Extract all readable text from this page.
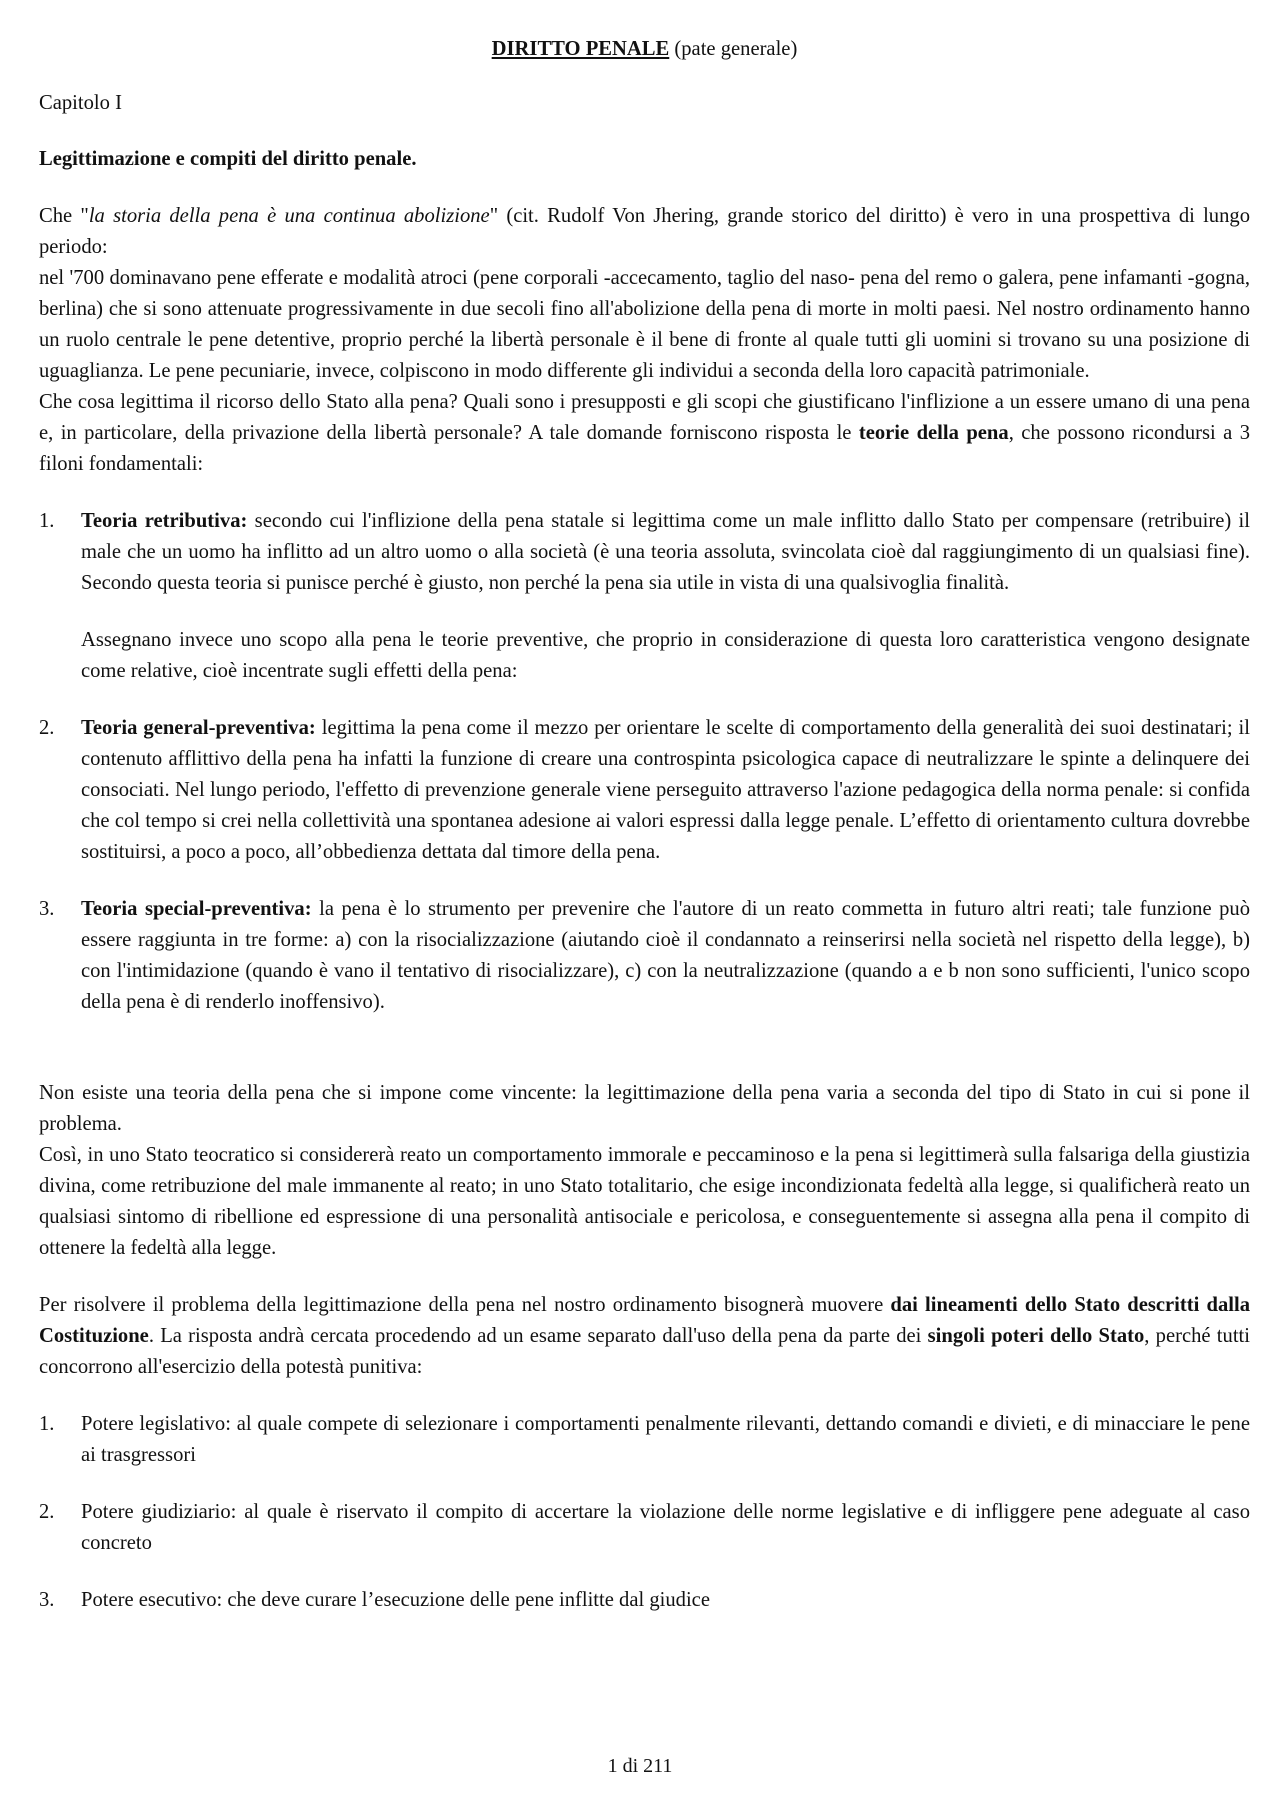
DIRITTO PENALE (pate generale)
Capitolo I
Legittimazione e compiti del diritto penale.

Che "la storia della pena è una continua abolizione" (cit. Rudolf Von Jhering, grande storico del diritto) è vero in una prospettiva di lungo periodo:

nel '700 dominavano pene efferate e modalità atroci (pene corporali -accecamento, taglio del naso- pena del remo o galera, pene infamanti -gogna, berlina) che si sono attenuate progressivamente in due secoli fino all'abolizione della pena di morte in molti paesi. Nel nostro ordinamento hanno un ruolo centrale le pene detentive, proprio perché la libertà personale è il bene di fronte al quale tutti gli uomini si trovano su una posizione di uguaglianza. Le pene pecuniarie, invece, colpiscono in modo differente gli individui a seconda della loro capacità patrimoniale.

Che cosa legittima il ricorso dello Stato alla pena? Quali sono i presupposti e gli scopi che giustificano l'inflizione a un essere umano di una pena e, in particolare, della privazione della libertà personale? A tale domande forniscono risposta le teorie della pena, che possono ricondursi a 3 filoni fondamentali:

1. Teoria retributiva: secondo cui l'inflizione della pena statale si legittima come un male inflitto dallo Stato per compensare (retribuire) il male che un uomo ha inflitto ad un altro uomo o alla società (è una teoria assoluta, svincolata cioè dal raggiungimento di un qualsiasi fine). Secondo questa teoria si punisce perché è giusto, non perché la pena sia utile in vista di una qualsivoglia finalità.
Assegnano invece uno scopo alla pena le teorie preventive, che proprio in considerazione di questa loro caratteristica vengono designate come relative, cioè incentrate sugli effetti della pena:
2. Teoria general-preventiva: legittima la pena come il mezzo per orientare le scelte di comportamento della generalità dei suoi destinatari; il contenuto afflittivo della pena ha infatti la funzione di creare una controspinta psicologica capace di neutralizzare le spinte a delinquere dei consociati. Nel lungo periodo, l'effetto di prevenzione generale viene perseguito attraverso l'azione pedagogica della norma penale: si confida che col tempo si crei nella collettività una spontanea adesione ai valori espressi dalla legge penale. L’effetto di orientamento cultura dovrebbe sostituirsi, a poco a poco, all’obbedienza dettata dal timore della pena.
3. Teoria special-preventiva: la pena è lo strumento per prevenire che l'autore di un reato commetta in futuro altri reati; tale funzione può essere raggiunta in tre forme: a) con la risocializzazione (aiutando cioè il condannato a reinserirsi nella società nel rispetto della legge), b) con l'intimidazione (quando è vano il tentativo di risocializzare), c) con la neutralizzazione (quando a e b non sono sufficienti, l'unico scopo della pena è di renderlo inoffensivo).

Non esiste una teoria della pena che si impone come vincente: la legittimazione della pena varia a seconda del tipo di Stato in cui si pone il problema.

Così, in uno Stato teocratico si considererà reato un comportamento immorale e peccaminoso e la pena si legittimerà sulla falsariga della giustizia divina, come retribuzione del male immanente al reato; in uno Stato totalitario, che esige incondizionata fedeltà alla legge, si qualificherà reato un qualsiasi sintomo di ribellione ed espressione di una personalità antisociale e pericolosa, e conseguentemente si assegna alla pena il compito di ottenere la fedeltà alla legge.

Per risolvere il problema della legittimazione della pena nel nostro ordinamento bisognerà muovere dai lineamenti dello Stato descritti dalla Costituzione. La risposta andrà cercata procedendo ad un esame separato dall'uso della pena da parte dei singoli poteri dello Stato, perché tutti concorrono all'esercizio della potestà punitiva:

1. Potere legislativo: al quale compete di selezionare i comportamenti penalmente rilevanti, dettando comandi e divieti, e di minacciare le pene ai trasgressori
2. Potere giudiziario: al quale è riservato il compito di accertare la violazione delle norme legislative e di infliggere pene adeguate al caso concreto
3. Potere esecutivo: che deve curare l’esecuzione delle pene inflitte dal giudice
1 di 211
